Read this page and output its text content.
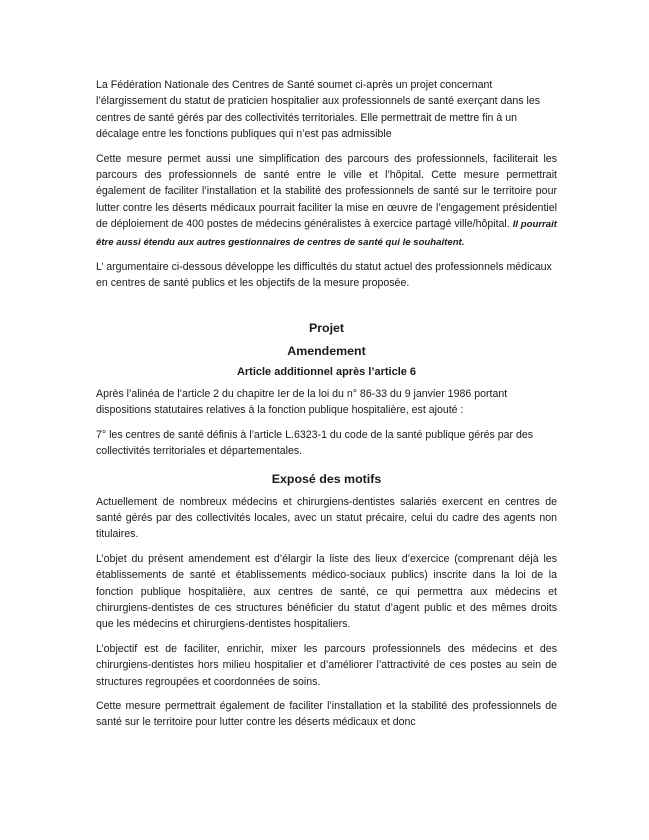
La Fédération Nationale des Centres de Santé soumet ci-après un projet concernant l’élargissement du statut de praticien hospitalier aux professionnels de santé exerçant dans les centres de santé gérés par des collectivités territoriales. Elle permettrait de mettre fin à un décalage entre les fonctions publiques qui n’est pas admissible

Cette mesure permet aussi une simplification des parcours des professionnels, faciliterait les parcours des professionnels de santé entre le ville et l’hôpital. Cette mesure permettrait également de faciliter l’installation et la stabilité des professionnels de santé sur le territoire pour lutter contre les déserts médicaux pourrait faciliter la mise en œuvre de l’engagement présidentiel de déploiement de 400 postes de médecins généralistes à exercice partagé ville/hôpital. Il pourrait être aussi étendu aux autres gestionnaires de centres de santé qui le souhaitent.

L’ argumentaire ci-dessous développe les difficultés du statut actuel des professionnels médicaux en centres de santé publics et les objectifs de la mesure proposée.

Projet
Amendement
Article additionnel après l’article 6

Après l’alinéa de l’article 2 du chapitre Ier de la loi du n° 86-33 du 9 janvier 1986 portant dispositions statutaires relatives à la fonction publique hospitalière, est ajouté :

7° les centres de santé définis à l’article L.6323-1 du code de la santé publique gérés par des collectivités territoriales et départementales.

Exposé des motifs

Actuellement de nombreux médecins et chirurgiens-dentistes salariés exercent en centres de santé gérés par des collectivités locales, avec un statut précaire, celui du cadre des agents non titulaires.

L’objet du présent amendement est d’élargir la liste des lieux d’exercice (comprenant déjà les établissements de santé et établissements médico-sociaux publics) inscrite dans la loi de la fonction publique hospitalière, aux centres de santé, ce qui permettra aux médecins et chirurgiens-dentistes de ces structures bénéficier du statut d’agent public et des mêmes droits que les médecins et chirurgiens-dentistes hospitaliers.

L’objectif est de faciliter, enrichir, mixer les parcours professionnels des médecins et des chirurgiens-dentistes hors milieu hospitalier et d’améliorer l’attractivité de ces postes au sein de structures regroupées et coordonnées de soins.

Cette mesure permettrait également de faciliter l’installation et la stabilité des professionnels de santé sur le territoire pour lutter contre les déserts médicaux et donc
